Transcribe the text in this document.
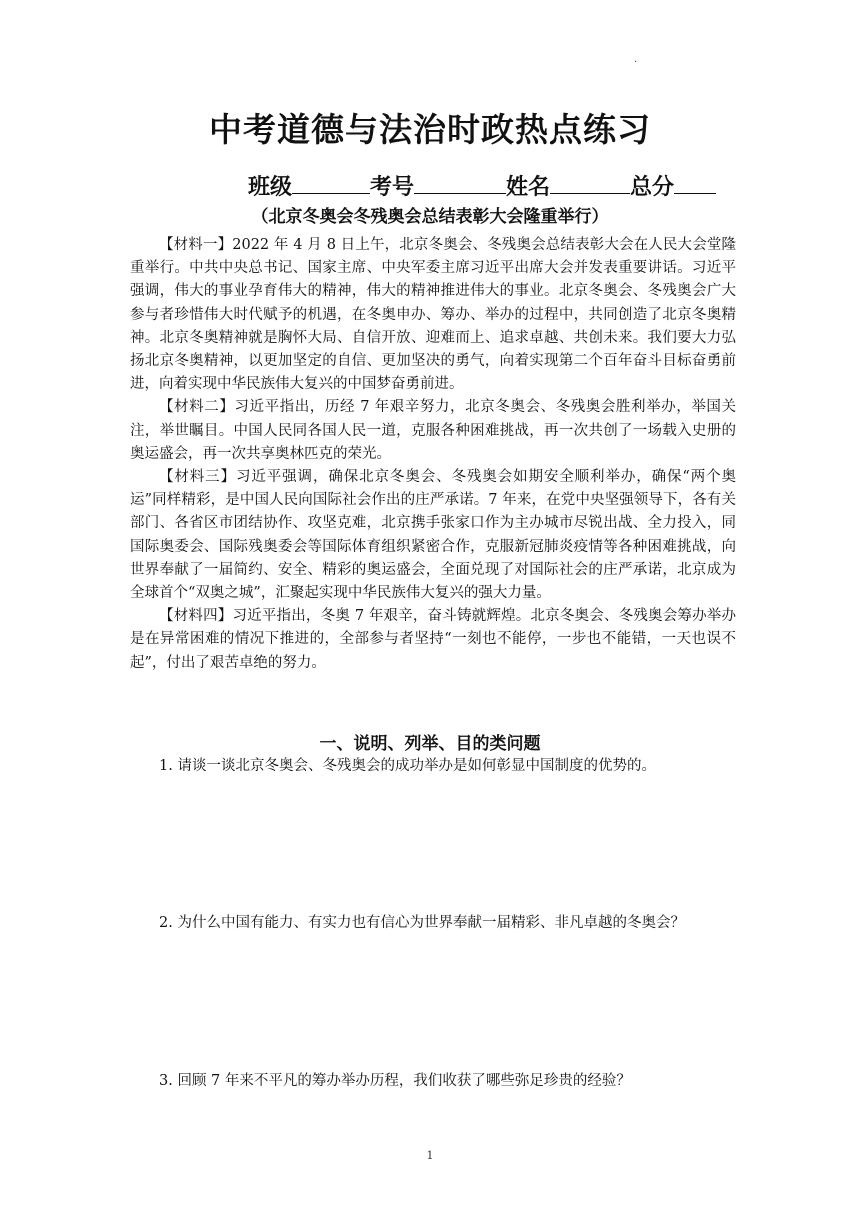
.
中考道德与法治时政热点练习
班级	考号	姓名	总分
（北京冬奥会冬残奥会总结表彰大会隆重举行）

【材料一】2022 年 4 月 8 日上午，北京冬奥会、冬残奥会总结表彰大会在人民大会堂隆重举行。中共中央总书记、国家主席、中央军委主席习近平出席大会并发表重要讲话。习近平强调，伟大的事业孕育伟大的精神，伟大的精神推进伟大的事业。北京冬奥会、冬残奥会广大参与者珍惜伟大时代赋予的机遇，在冬奥申办、筹办、举办的过程中，共同创造了北京冬奥精神。北京冬奥精神就是胸怀大局、自信开放、迎难而上、追求卓越、共创未来。我们要大力弘扬北京冬奥精神，以更加坚定的自信、更加坚决的勇气，向着实现第二个百年奋斗目标奋勇前进，向着实现中华民族伟大复兴的中国梦奋勇前进。

【材料二】习近平指出，历经 7 年艰辛努力，北京冬奥会、冬残奥会胜利举办，举国关注，举世瞩目。中国人民同各国人民一道，克服各种困难挑战，再一次共创了一场载入史册的奥运盛会，再一次共享奥林匹克的荣光。

【材料三】习近平强调，确保北京冬奥会、冬残奥会如期安全顺利举办，确保“两个奥运”同样精彩，是中国人民向国际社会作出的庄严承诺。7 年来，在党中央坚强领导下，各有关部门、各省区市团结协作、攻坚克难，北京携手张家口作为主办城市尽锐出战、全力投入，同国际奥委会、国际残奥委会等国际体育组织紧密合作，克服新冠肺炎疫情等各种困难挑战，向世界奉献了一届简约、安全、精彩的奥运盛会，全面兑现了对国际社会的庄严承诺，北京成为全球首个“双奥之城”，汇聚起实现中华民族伟大复兴的强大力量。

【材料四】习近平指出，冬奥 7 年艰辛，奋斗铸就辉煌。北京冬奥会、冬残奥会筹办举办是在异常困难的情况下推进的，全部参与者坚持“一刻也不能停，一步也不能错，一天也误不起”，付出了艰苦卓绝的努力。

一、说明、列举、目的类问题

1. 请谈一谈北京冬奥会、冬残奥会的成功举办是如何彰显中国制度的优势的。

2. 为什么中国有能力、有实力也有信心为世界奉献一届精彩、非凡卓越的冬奥会？

3. 回顾 7 年来不平凡的筹办举办历程，我们收获了哪些弥足珍贵的经验？

1
